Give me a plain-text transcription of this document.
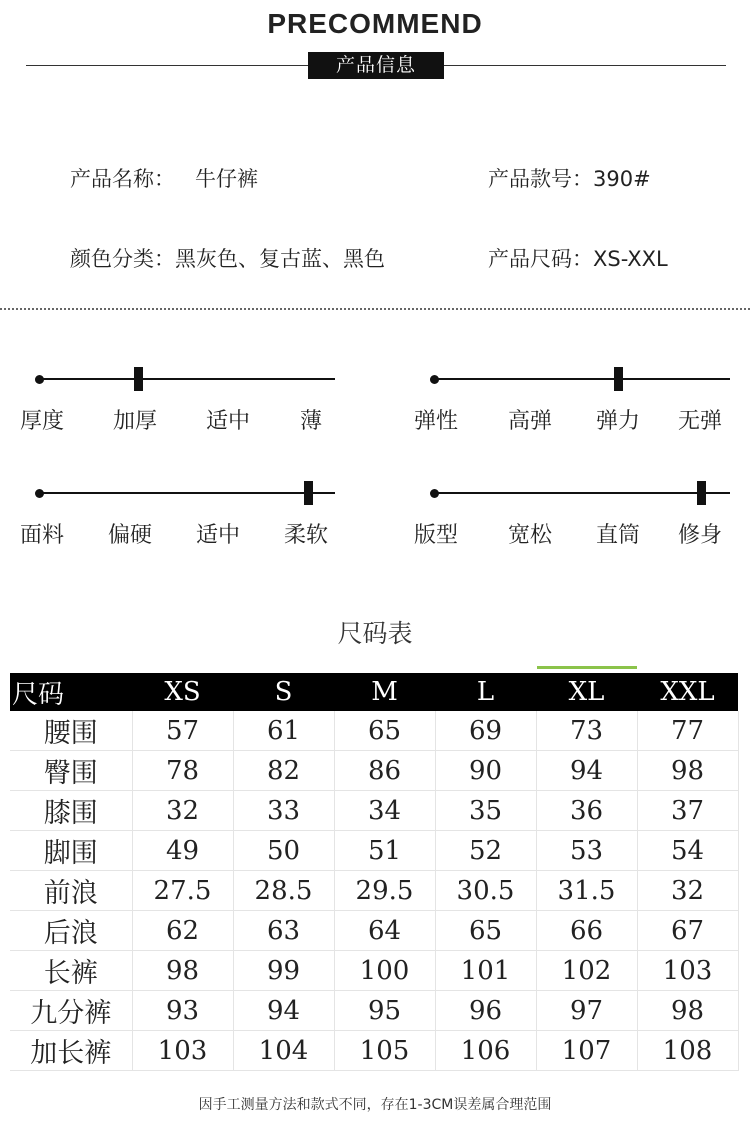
PRECOMMEND
产品信息
产品名称： 牛仔裤	产品款号：390#
颜色分类：黑灰色、复古蓝、黑色	产品尺码：XS-XXL
厚度 加厚 适中 薄	弹性 高弹 弹力 无弹
面料 偏硬 适中 柔软	版型 宽松 直筒 修身
尺码表
尺码	XS	S	M	L	XL	XXL
腰围	57	61	65	69	73	77
臀围	78	82	86	90	94	98
膝围	32	33	34	35	36	37
脚围	49	50	51	52	53	54
前浪	27.5	28.5	29.5	30.5	31.5	32
后浪	62	63	64	65	66	67
长裤	98	99	100	101	102	103
九分裤	93	94	95	96	97	98
加长裤	103	104	105	106	107	108
因手工测量方法和款式不同，存在1-3CM误差属合理范围
